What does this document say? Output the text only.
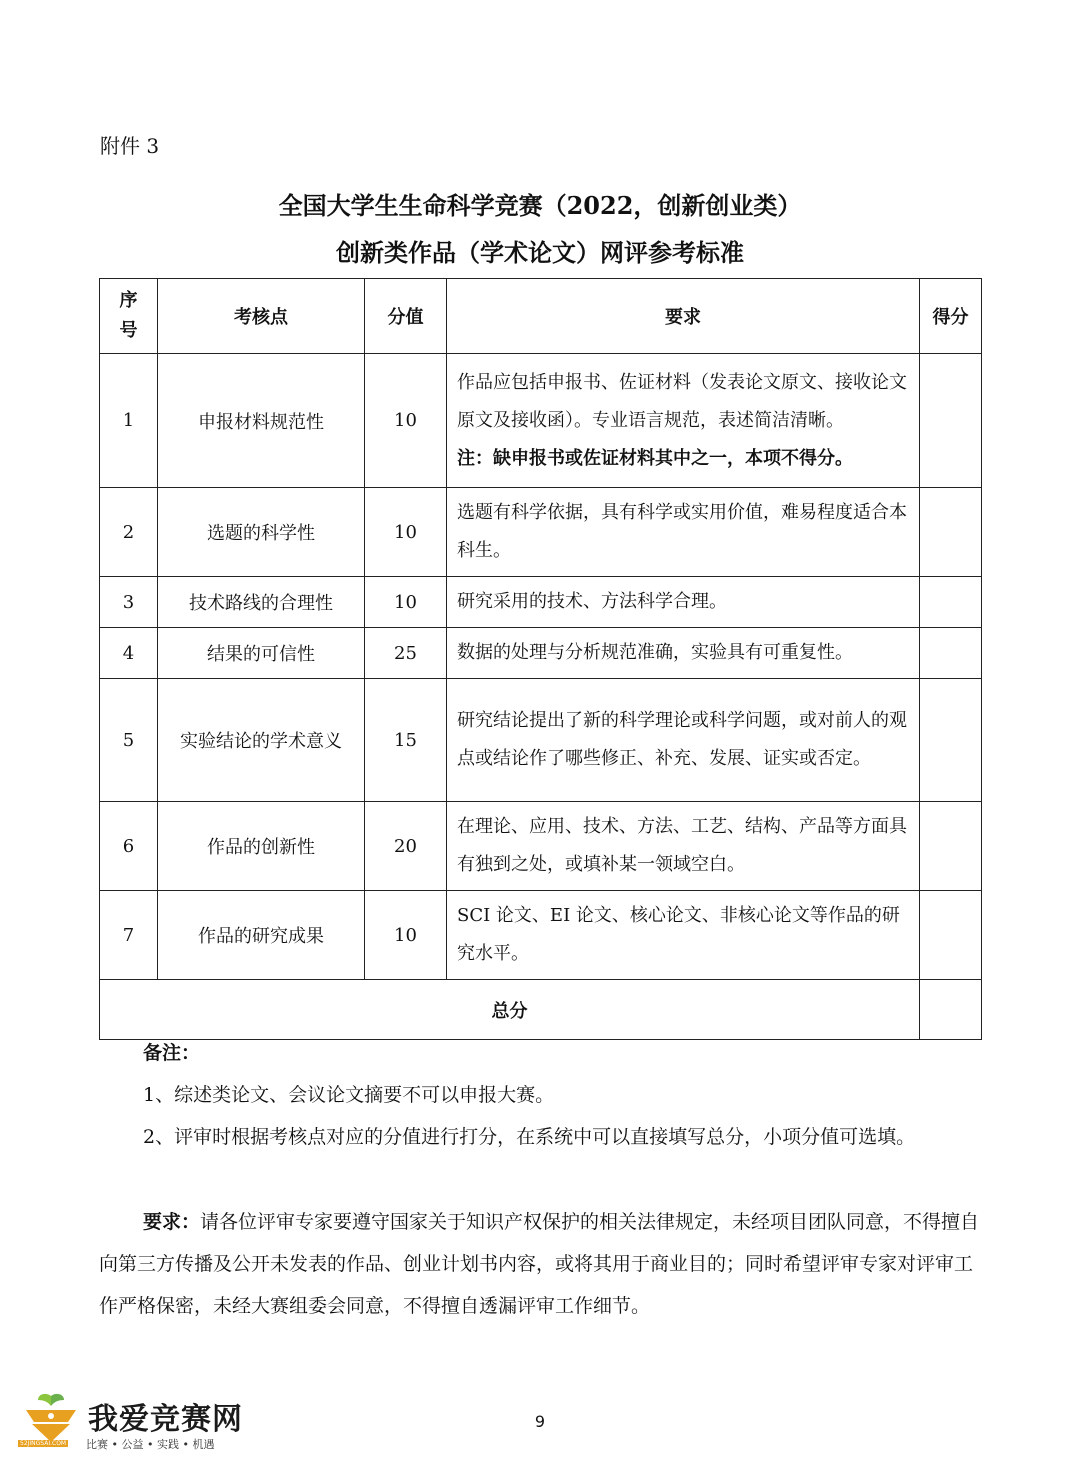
附件 3
全国大学生生命科学竞赛（2022，创新创业类）
创新类作品（学术论文）网评参考标准
序号	考核点	分值	要求	得分
1	申报材料规范性	10	作品应包括申报书、佐证材料（发表论文原文、接收论文原文及接收函）。专业语言规范，表述简洁清晰。
注：缺申报书或佐证材料其中之一，本项不得分。	

2	选题的科学性	10	选题有科学依据，具有科学或实用价值，难易程度适合本科生。	
3	技术路线的合理性	10	研究采用的技术、方法科学合理。	
4	结果的可信性	25	数据的处理与分析规范准确，实验具有可重复性。	
5	实验结论的学术意义	15	研究结论提出了新的科学理论或科学问题，或对前人的观点或结论作了哪些修正、补充、发展、证实或否定。	
6	作品的创新性	20	在理论、应用、技术、方法、工艺、结构、产品等方面具有独到之处，或填补某一领域空白。	
7	作品的研究成果	10	SCI 论文、EI 论文、核心论文、非核心论文等作品的研究水平。	
总分				
备注：
1、综述类论文、会议论文摘要不可以申报大赛。
2、评审时根据考核点对应的分值进行打分，在系统中可以直接填写总分，小项分值可选填。
要求：请各位评审专家要遵守国家关于知识产权保护的相关法律规定，未经项目团队同意，不得擅自向第三方传播及公开未发表的作品、创业计划书内容，或将其用于商业目的；同时希望评审专家对评审工作严格保密，未经大赛组委会同意，不得擅自透漏评审工作细节。
9
我爱竞赛网
比赛 • 公益 • 实践 • 机遇
52JINGSAI.COM
